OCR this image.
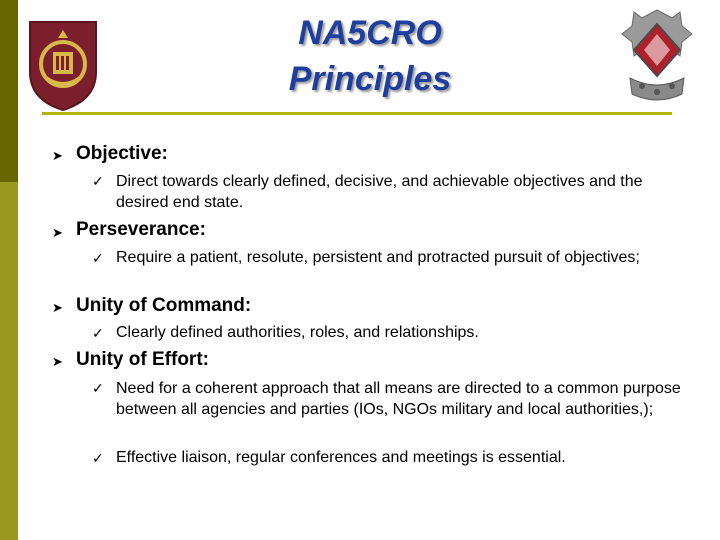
NA5CRO
Principles
➤ Objective:
✓ Direct towards clearly defined, decisive, and achievable objectives and the desired end state.
➤ Perseverance:
✓ Require a patient, resolute, persistent and protracted pursuit of objectives;
➤ Unity of Command:
✓ Clearly defined authorities, roles, and relationships.
➤ Unity of Effort:
✓ Need for a coherent approach that all means are directed to a common purpose between all agencies and parties (IOs, NGOs military and local authorities,);
✓ Effective liaison, regular conferences and meetings is essential.
